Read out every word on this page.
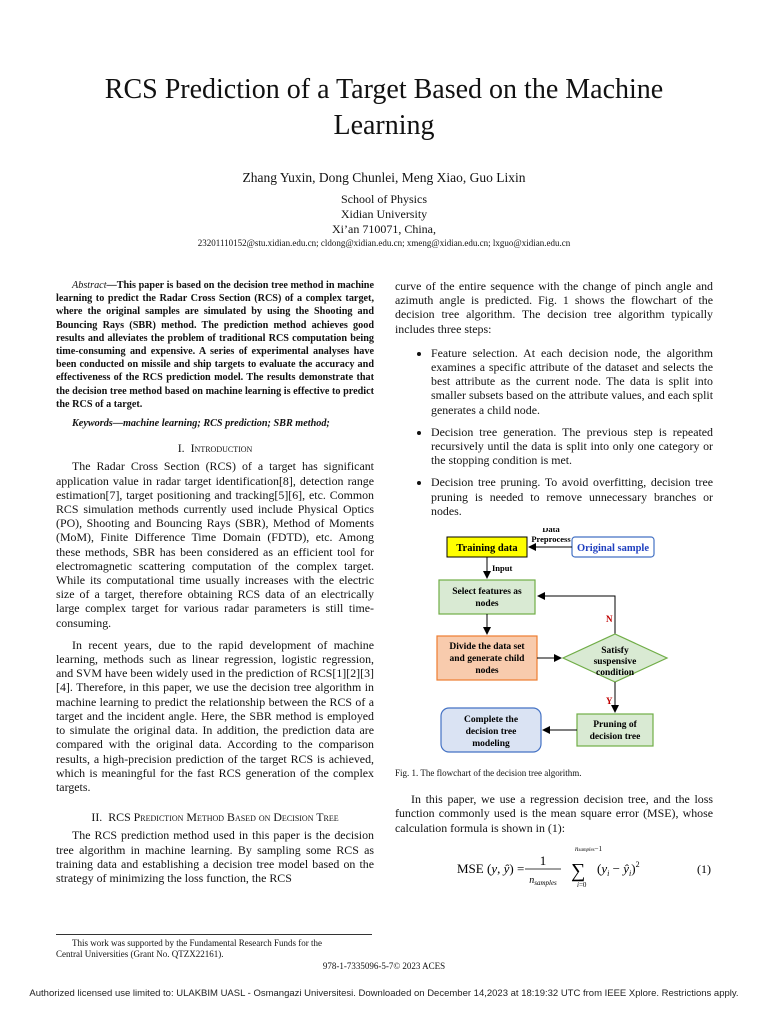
RCS Prediction of a Target Based on the Machine
Learning
Zhang Yuxin, Dong Chunlei, Meng Xiao, Guo Lixin
School of Physics
Xidian University
Xi’an 710071, China,
23201110152@stu.xidian.edu.cn; cldong@xidian.edu.cn; xmeng@xidian.edu.cn; lxguo@xidian.edu.cn

Abstract—This paper is based on the decision tree method in machine learning to predict the Radar Cross Section (RCS) of a complex target, where the original samples are simulated by using the Shooting and Bouncing Rays (SBR) method. The prediction method achieves good results and alleviates the problem of traditional RCS computation being time-consuming and expensive. A series of experimental analyses have been conducted on missile and ship targets to evaluate the accuracy and effectiveness of the RCS prediction model. The results demonstrate that the decision tree method based on machine learning is effective to predict the RCS of a target.

Keywords—machine learning; RCS prediction; SBR method;

I. Introduction

The Radar Cross Section (RCS) of a target has significant application value in radar target identification[8], detection range estimation[7], target positioning and tracking[5][6], etc. Common RCS simulation methods currently used include Physical Optics (PO), Shooting and Bouncing Rays (SBR), Method of Moments (MoM), Finite Difference Time Domain (FDTD), etc. Among these methods, SBR has been considered as an efficient tool for electromagnetic scattering computation of the complex target. While its computational time usually increases with the electric size of a target, therefore obtaining RCS data of an electrically large complex target for various radar parameters is still time-consuming.

In recent years, due to the rapid development of machine learning, methods such as linear regression, logistic regression, and SVM have been widely used in the prediction of RCS[1][2][3][4]. Therefore, in this paper, we use the decision tree algorithm in machine learning to predict the relationship between the RCS of a target and the incident angle. Here, the SBR method is employed to simulate the original data. In addition, the prediction data are compared with the original data. According to the comparison results, a high-precision prediction of the target RCS is achieved, which is meaningful for the fast RCS generation of the complex targets.

II. RCS Prediction Method Based on Decision Tree

The RCS prediction method used in this paper is the decision tree algorithm in machine learning. By sampling some RCS as training data and establishing a decision tree model based on the strategy of minimizing the loss function, the RCS

curve of the entire sequence with the change of pinch angle and azimuth angle is predicted. Fig. 1 shows the flowchart of the decision tree algorithm. The decision tree algorithm typically includes three steps:

• Feature selection. At each decision node, the algorithm examines a specific attribute of the dataset and selects the best attribute as the current node. The data is split into smaller subsets based on the attribute values, and each split generates a child node.
• Decision tree generation. The previous step is repeated recursively until the data is split into only one category or the stopping condition is met.
• Decision tree pruning. To avoid overfitting, decision tree pruning is needed to remove unnecessary branches or nodes.
Data
Preprocess
Training data	Original sample
Input
Select features as
nodes
N
Divide the data set
and generate child
nodes
Satisfy
suspensive
condition
Y
Pruning of
decision tree
Complete the
decision tree
modeling

Fig. 1. The flowchart of the decision tree algorithm.

In this paper, we use a regression decision tree, and the loss function commonly used is the mean square error (MSE), whose calculation formula is shown in (1):

MSE (y, ŷ) =
1
$n_{samples}$
nsamples−1
∑
i=0
($y_i$ − $ŷ_i)^2$	(1)
This work was supported by the Fundamental Research Funds for the
Central Universities (Grant No. QTZX22161).
978-1-7335096-5-7© 2023 ACES
Authorized licensed use limited to: ULAKBIM UASL - Osmangazi Universitesi. Downloaded on December 14,2023 at 18:19:32 UTC from IEEE Xplore. Restrictions apply.
